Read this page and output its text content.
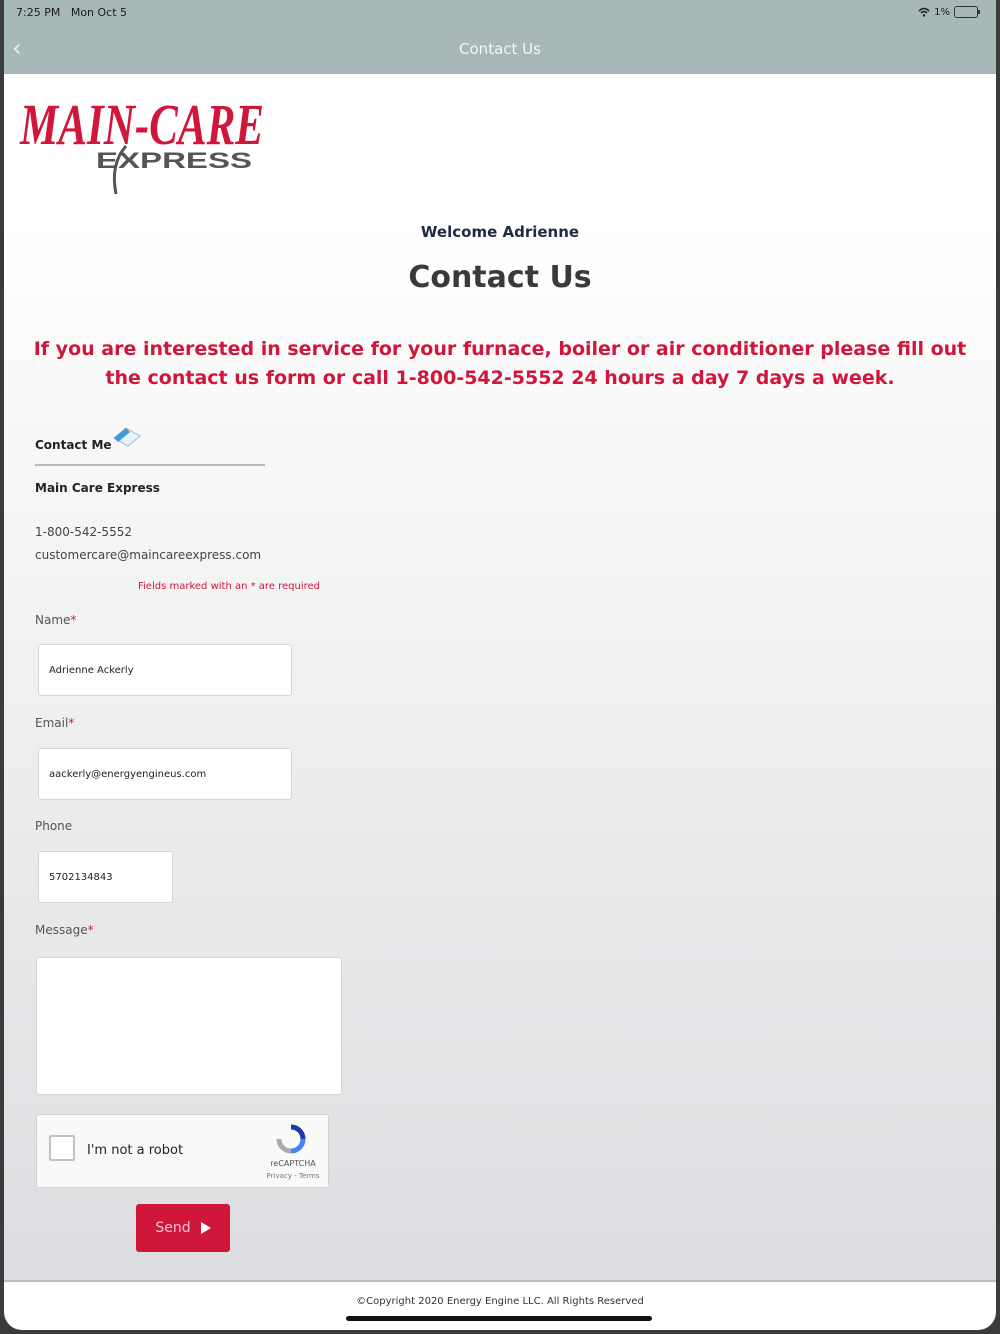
7:25 PM Mon Oct 5	1%
‹	Contact Us
MAIN-CARE
EXPRESS
Welcome Adrienne
Contact Us
If you are interested in service for your furnace, boiler or air conditioner please fill out the contact us form or call 1-800-542-5552 24 hours a day 7 days a week.
Contact Me
Main Care Express
1-800-542-5552
customercare@maincareexpress.com
Fields marked with an * are required
Name*
Adrienne Ackerly
Email*
aackerly@energyengineus.com
Phone
5702134843
Message*
I'm not a robot
reCAPTCHA
Privacy - Terms
Send
©Copyright 2020 Energy Engine LLC. All Rights Reserved
